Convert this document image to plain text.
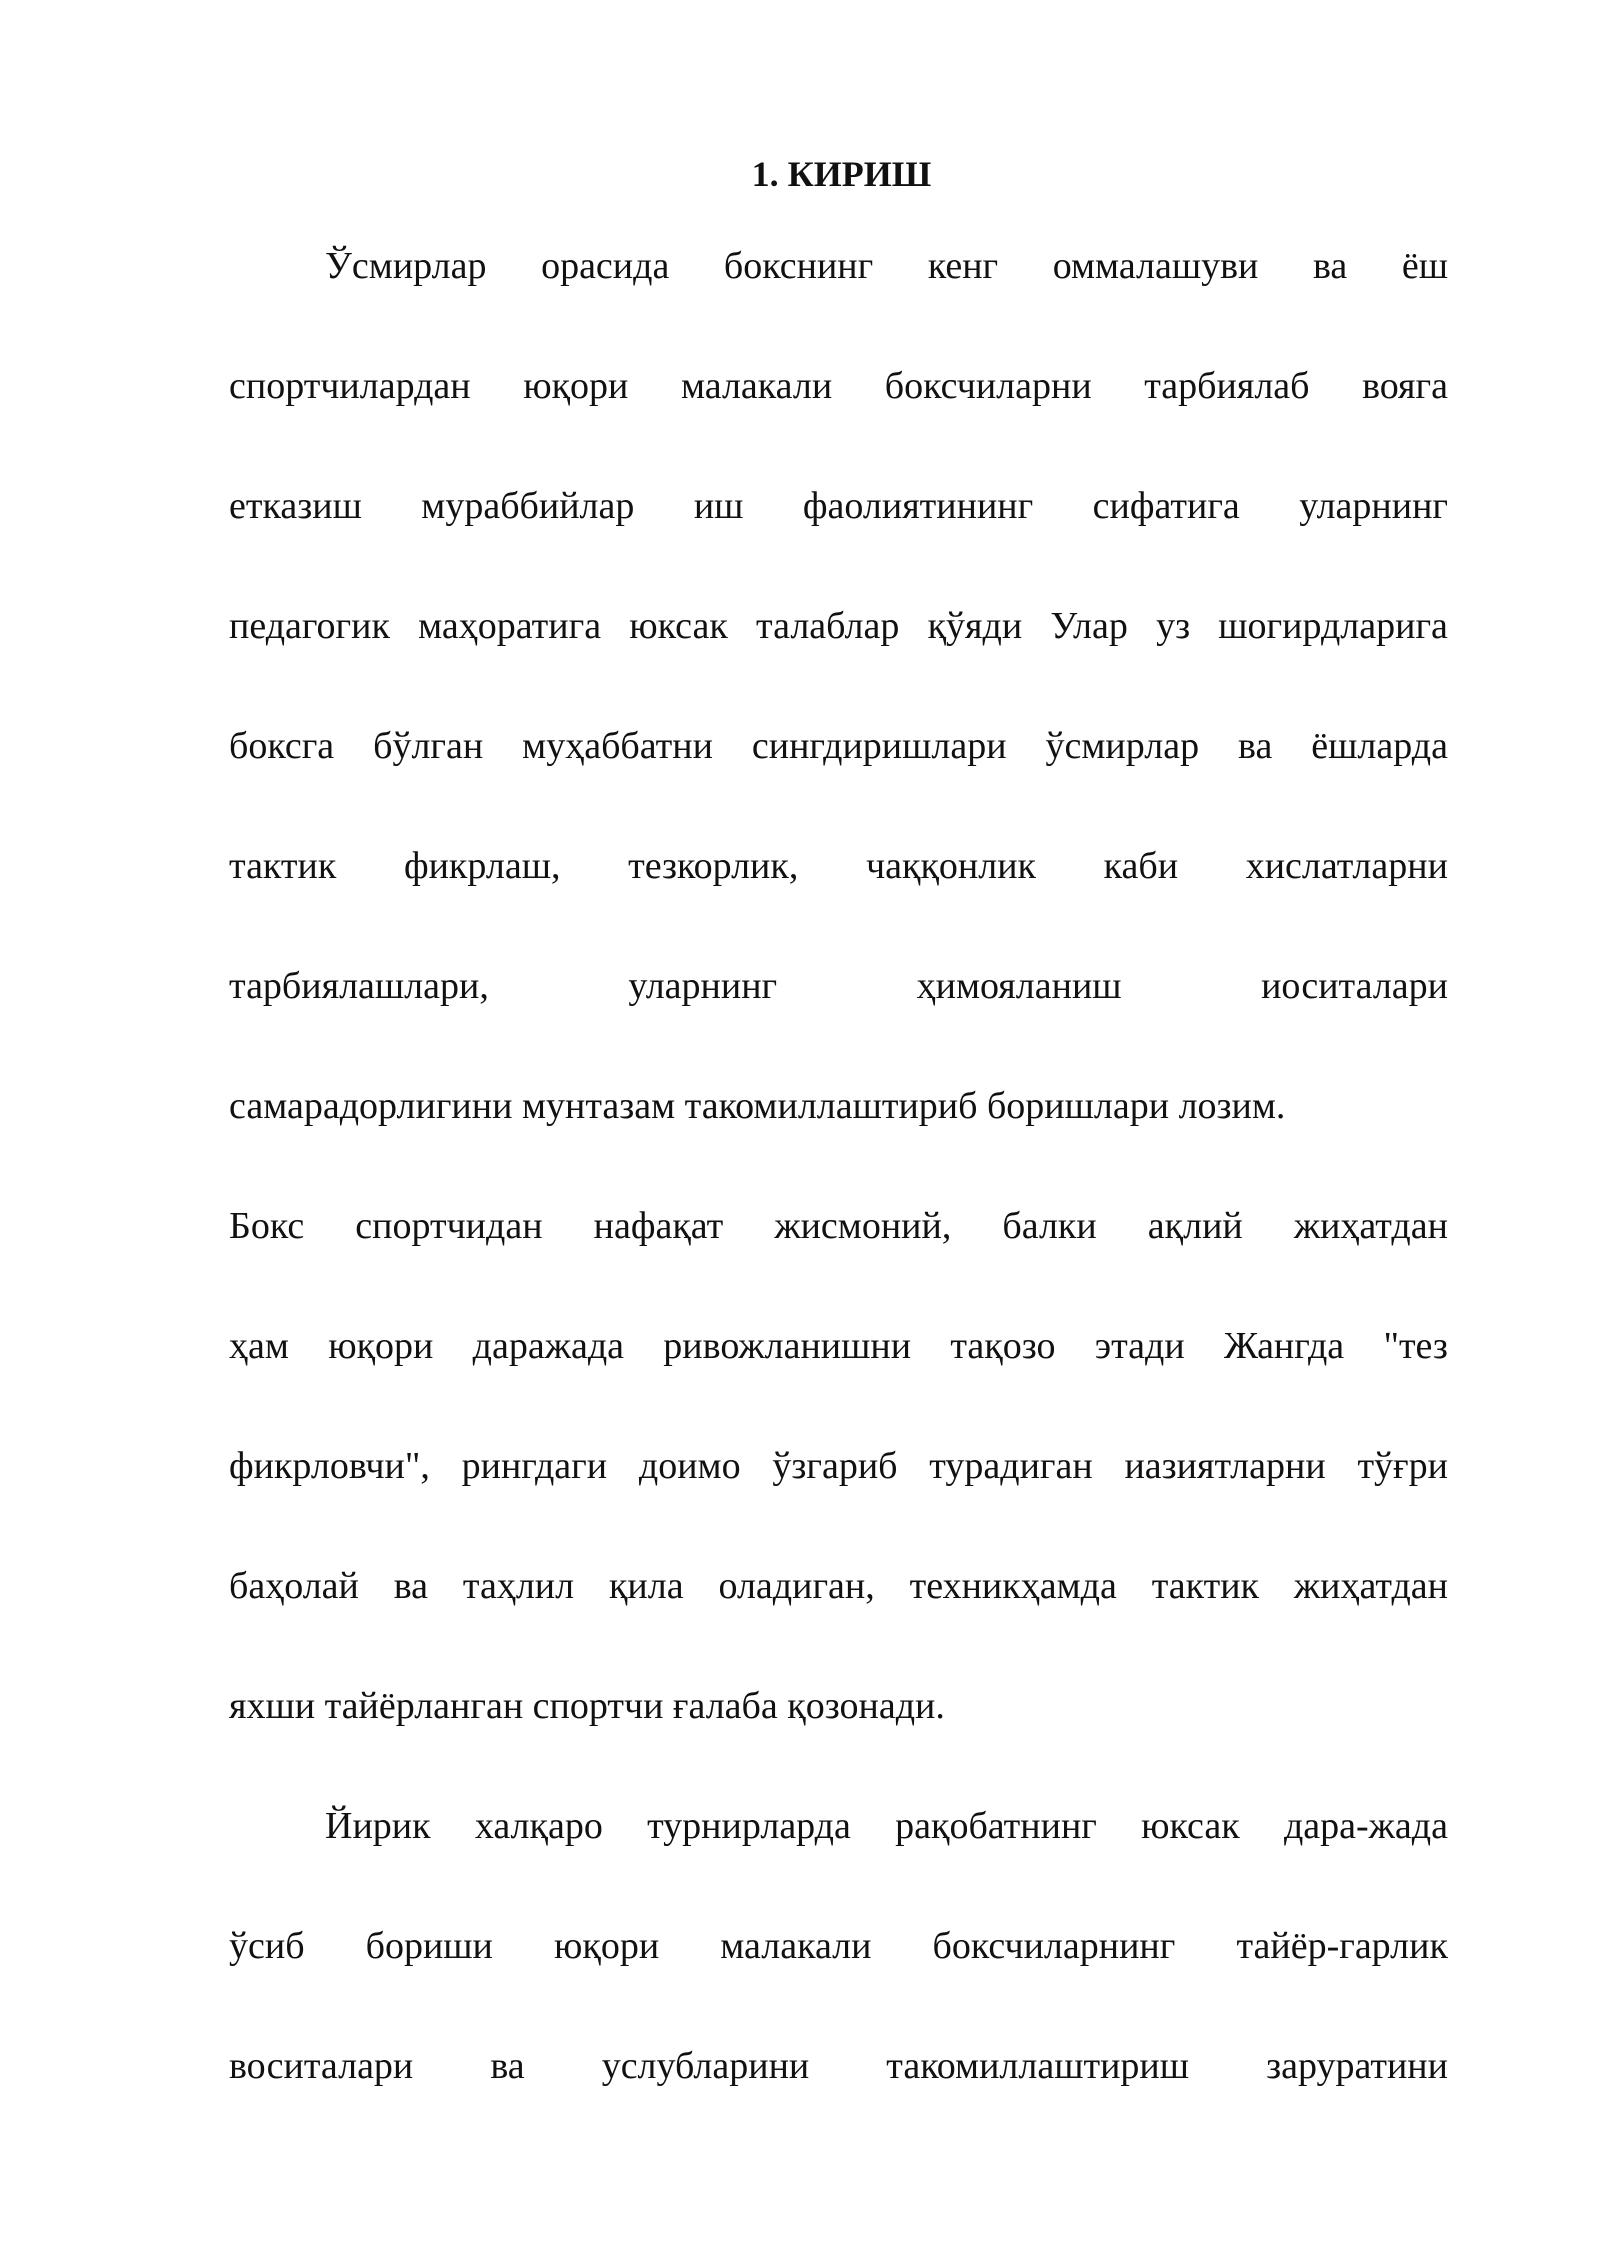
1. КИРИШ
Ўсмирлар орасида бокснинг кенг оммалашуви ва ёш
спортчилардан юқори малакали боксчиларни тарбиялаб вояга
етказиш мураббийлар иш фаолиятининг сифатига уларнинг
педагогик маҳоратига юксак талаблар қўяди Улар уз шогирдларига
боксга бўлган муҳаббатни сингдиришлари ўсмирлар ва ёшларда
тактик фикрлаш, тезкорлик, чаққонлик каби хислатларни
тарбиялашлари,	уларнинг	ҳимояланиш	иоситалари
самарадорлигини мунтазам такомиллаштириб боришлари лозим.
Бокс спортчидан нафақат жисмоний, балки ақлий жиҳатдан
ҳам юқори даражада ривожланишни тақозо этади Жангда "тез
фикрловчи", рингдаги доимо ўзгариб турадиган иазиятларни тўғри
баҳолай ва таҳлил қила оладиган, техникҳамда тактик жиҳатдан
яхши тайёрланган спортчи ғалаба қозонади.
Йирик халқаро турнирларда рақобатнинг юксак дара-жада
ўсиб бориши юқори малакали боксчиларнинг тайёр-гарлик
воситалари ва услубларини такомиллаштириш заруратини
